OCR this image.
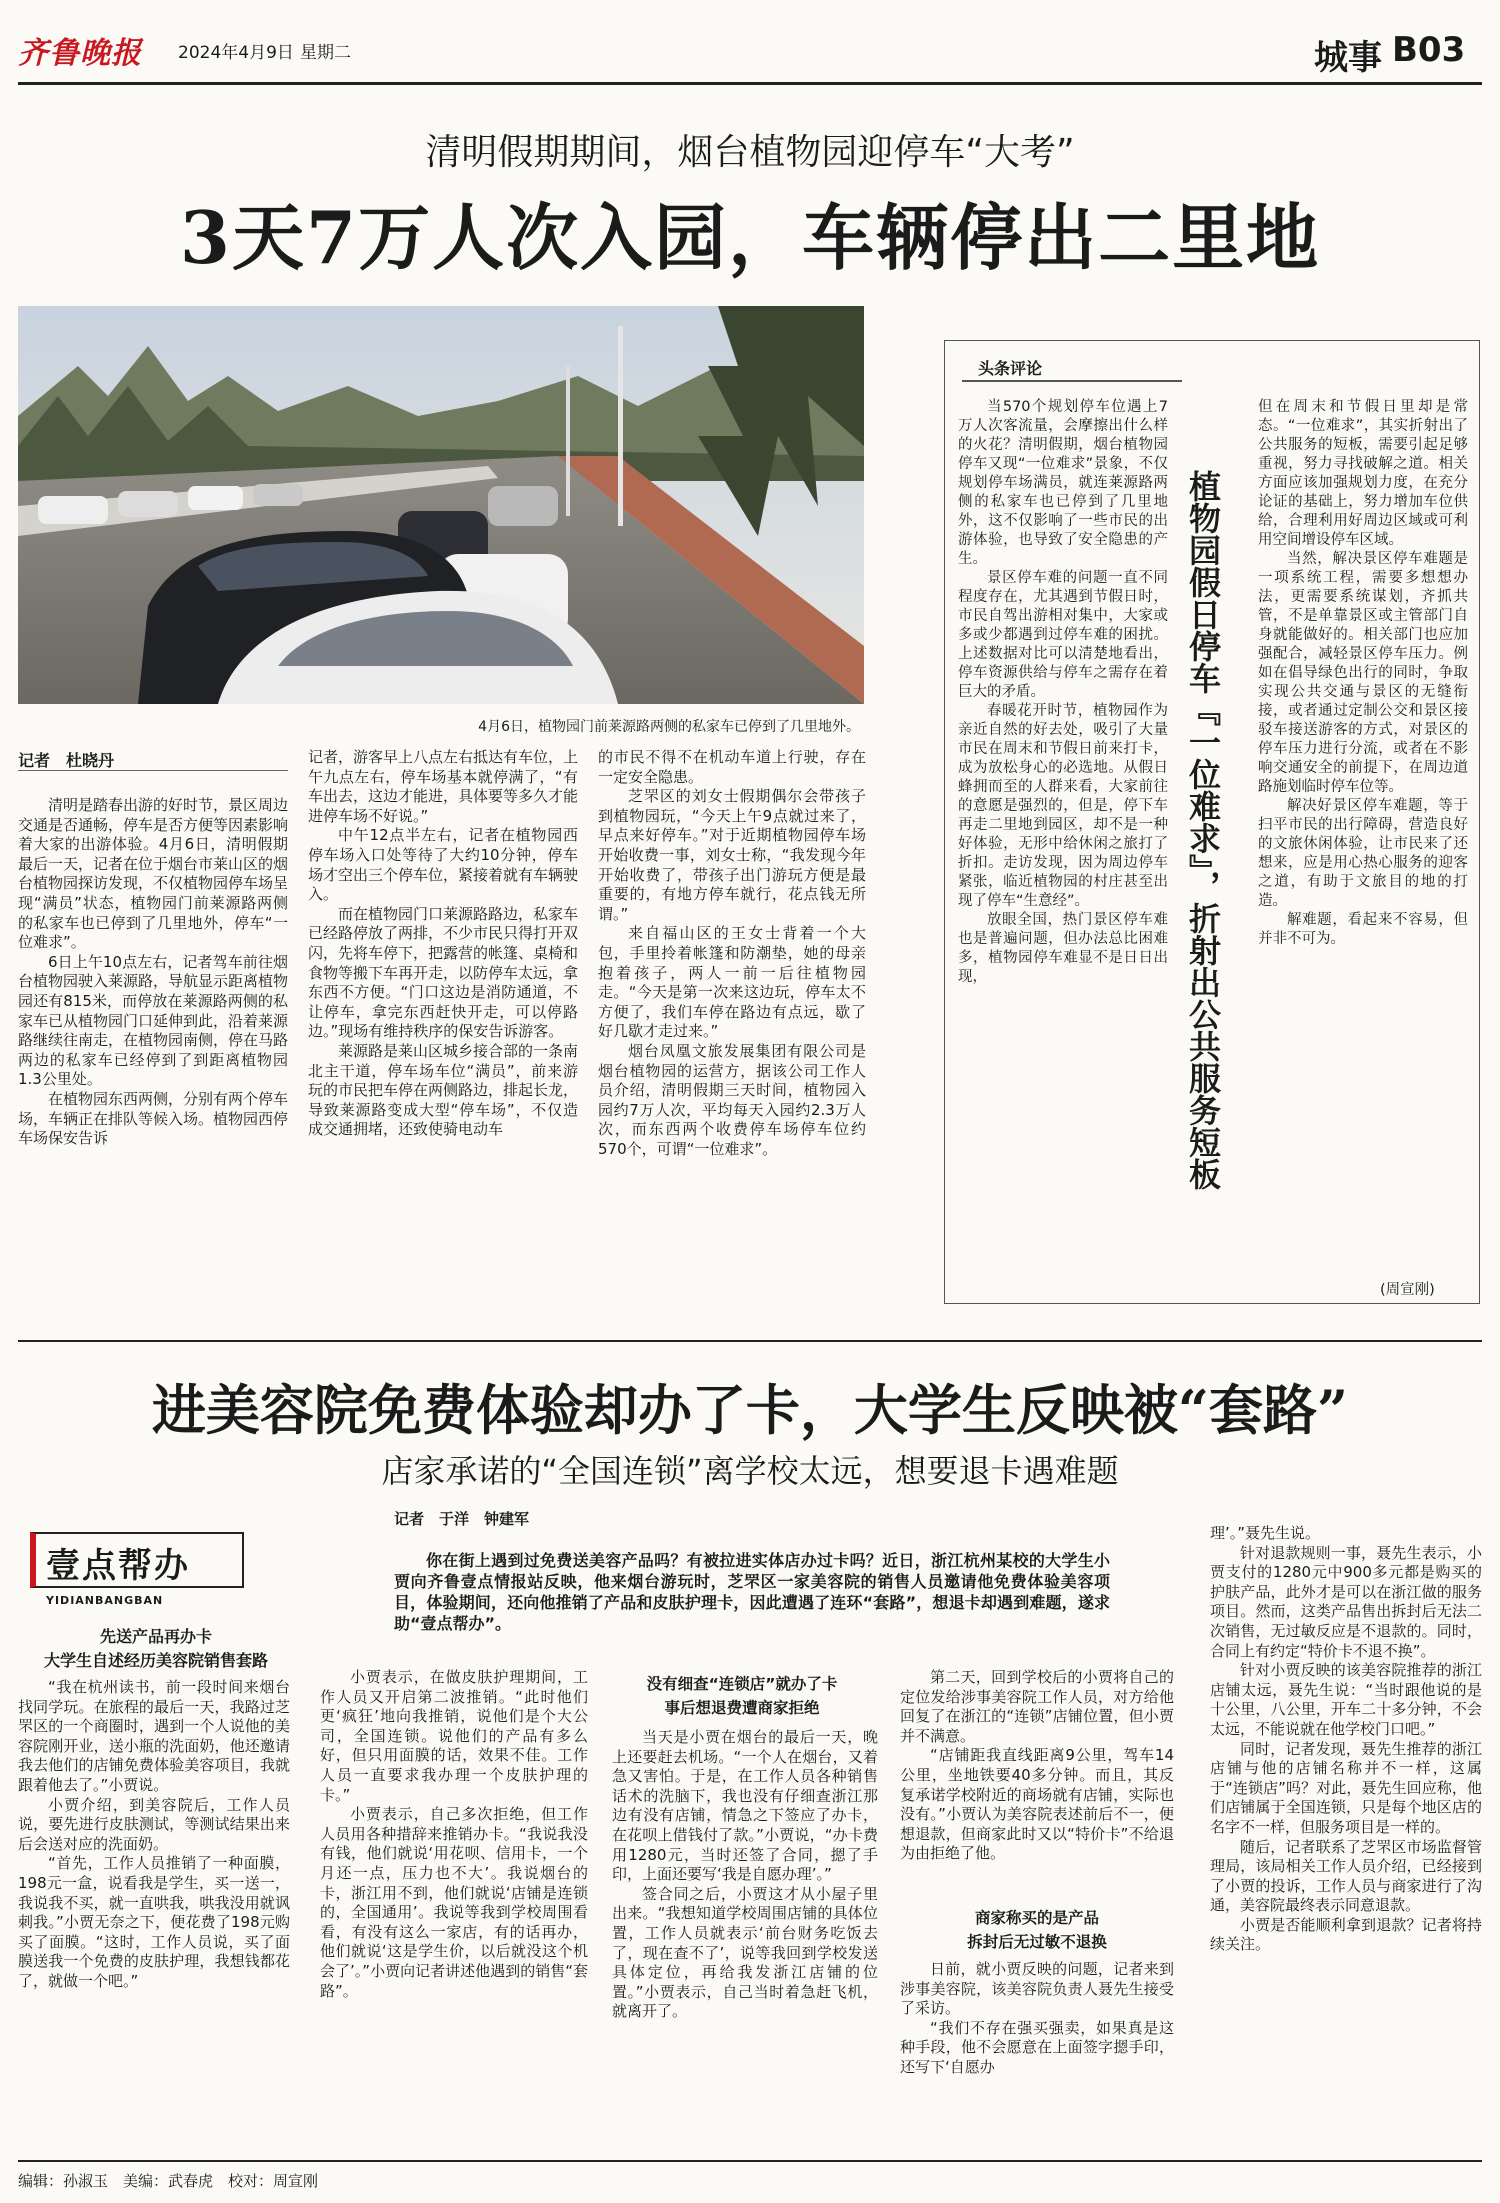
齐鲁晚报 2024年4月9日 星期二	城事 B03
清明假期期间，烟台植物园迎停车“大考”
3天7万人次入园，车辆停出二里地
4月6日，植物园门前莱源路两侧的私家车已停到了几里地外。
记者　杜晓丹

清明是踏春出游的好时节，景区周边交通是否通畅，停车是否方便等因素影响着大家的出游体验。4月6日，清明假期最后一天，记者在位于烟台市莱山区的烟台植物园探访发现，不仅植物园停车场呈现“满员”状态，植物园门前莱源路两侧的私家车也已停到了几里地外，停车“一位难求”。

6日上午10点左右，记者驾车前往烟台植物园驶入莱源路，导航显示距离植物园还有815米，而停放在莱源路两侧的私家车已从植物园门口延伸到此，沿着莱源路继续往南走，在植物园南侧，停在马路两边的私家车已经停到了到距离植物园1.3公里处。

在植物园东西两侧，分别有两个停车场，车辆正在排队等候入场。植物园西停车场保安告诉

记者，游客早上八点左右抵达有车位，上午九点左右，停车场基本就停满了，“有车出去，这边才能进，具体要等多久才能进停车场不好说。”

中午12点半左右，记者在植物园西停车场入口处等待了大约10分钟，停车场才空出三个停车位，紧接着就有车辆驶入。

而在植物园门口莱源路路边，私家车已经路停放了两排，不少市民只得打开双闪，先将车停下，把露营的帐篷、桌椅和食物等搬下车再开走，以防停车太远，拿东西不方便。“门口这边是消防通道，不让停车，拿完东西赶快开走，可以停路边。”现场有维持秩序的保安告诉游客。

莱源路是莱山区城乡接合部的一条南北主干道，停车场车位“满员”，前来游玩的市民把车停在两侧路边，排起长龙，导致莱源路变成大型“停车场”，不仅造成交通拥堵，还致使骑电动车

的市民不得不在机动车道上行驶，存在一定安全隐患。

芝罘区的刘女士假期偶尔会带孩子到植物园玩，“今天上午9点就过来了，早点来好停车。”对于近期植物园停车场开始收费一事，刘女士称，“我发现今年开始收费了，带孩子出门游玩方便是最重要的，有地方停车就行，花点钱无所谓。”

来自福山区的王女士背着一个大包，手里拎着帐篷和防潮垫，她的母亲抱着孩子，两人一前一后往植物园走。“今天是第一次来这边玩，停车太不方便了，我们车停在路边有点远，歇了好几歇才走过来。”

烟台凤凰文旅发展集团有限公司是烟台植物园的运营方，据该公司工作人员介绍，清明假期三天时间，植物园入园约7万人次，平均每天入园约2.3万人次，而东西两个收费停车场停车位约570个，可谓“一位难求”。

头条评论

当570个规划停车位遇上7万人次客流量，会摩擦出什么样的火花？清明假期，烟台植物园停车又现“一位难求”景象，不仅规划停车场满员，就连莱源路两侧的私家车也已停到了几里地外，这不仅影响了一些市民的出游体验，也导致了安全隐患的产生。

景区停车难的问题一直不同程度存在，尤其遇到节假日时，市民自驾出游相对集中，大家或多或少都遇到过停车难的困扰。上述数据对比可以清楚地看出，停车资源供给与停车之需存在着巨大的矛盾。

春暖花开时节，植物园作为亲近自然的好去处，吸引了大量市民在周末和节假日前来打卡，成为放松身心的必选地。从假日蜂拥而至的人群来看，大家前往的意愿是强烈的，但是，停下车再走二里地到园区，却不是一种好体验，无形中给休闲之旅打了折扣。走访发现，因为周边停车紧张，临近植物园的村庄甚至出现了停车“生意经”。

放眼全国，热门景区停车难也是普遍问题，但办法总比困难多，植物园停车难显不是日日出现，	植物园假日停车『一位难求』，折射出公共服务短板

但在周末和节假日里却是常态。“一位难求”，其实折射出了公共服务的短板，需要引起足够重视，努力寻找破解之道。相关方面应该加强规划力度，在充分论证的基础上，努力增加车位供给，合理利用好周边区域或可利用空间增设停车区域。

当然，解决景区停车难题是一项系统工程，需要多想想办法，更需要系统谋划，齐抓共管，不是单靠景区或主管部门自身就能做好的。相关部门也应加强配合，减轻景区停车压力。例如在倡导绿色出行的同时，争取实现公共交通与景区的无缝衔接，或者通过定制公交和景区接驳车接送游客的方式，对景区的停车压力进行分流，或者在不影响交通安全的前提下，在周边道路施划临时停车位等。

解决好景区停车难题，等于扫平市民的出行障碍，营造良好的文旅休闲体验，让市民来了还想来，应是用心热心服务的迎客之道，有助于文旅目的地的打造。

解难题，看起来不容易，但并非不可为。

(周宣刚)
进美容院免费体验却办了卡，大学生反映被“套路”
店家承诺的“全国连锁”离学校太远，想要退卡遇难题
记者　于洋　钟建军
壹点帮办
YIDIANBANGBAN

你在街上遇到过免费送美容产品吗？有被拉进实体店办过卡吗？近日，浙江杭州某校的大学生小贾向齐鲁壹点情报站反映，他来烟台游玩时，芝罘区一家美容院的销售人员邀请他免费体验美容项目，体验期间，还向他推销了产品和皮肤护理卡，因此遭遇了连环“套路”，想退卡却遇到难题，遂求助“壹点帮办”。

先送产品再办卡
大学生自述经历美容院销售套路

“我在杭州读书，前一段时间来烟台找同学玩。在旅程的最后一天，我路过芝罘区的一个商圈时，遇到一个人说他的美容院刚开业，送小瓶的洗面奶，他还邀请我去他们的店铺免费体验美容项目，我就跟着他去了。”小贾说。

小贾介绍，到美容院后，工作人员说，要先进行皮肤测试，等测试结果出来后会送对应的洗面奶。

“首先，工作人员推销了一种面膜，198元一盒，说看我是学生，买一送一，我说我不买，就一直哄我，哄我没用就讽刺我。”小贾无奈之下，便花费了198元购买了面膜。“这时，工作人员说，买了面膜送我一个免费的皮肤护理，我想钱都花了，就做一个吧。”

小贾表示，在做皮肤护理期间，工作人员又开启第二波推销。“此时他们更‘疯狂’地向我推销，说他们是个大公司，全国连锁。说他们的产品有多么好，但只用面膜的话，效果不佳。工作人员一直要求我办理一个皮肤护理的卡。”

小贾表示，自己多次拒绝，但工作人员用各种措辞来推销办卡。“我说我没有钱，他们就说‘用花呗、信用卡，一个月还一点，压力也不大’。我说烟台的卡，浙江用不到，他们就说‘店铺是连锁的，全国通用’。我说等我到学校周围看看，有没有这么一家店，有的话再办，他们就说‘这是学生价，以后就没这个机会了’。”小贾向记者讲述他遇到的销售“套路”。

没有细查“连锁店”就办了卡
事后想退费遭商家拒绝

当天是小贾在烟台的最后一天，晚上还要赶去机场。“一个人在烟台，又着急又害怕。于是，在工作人员各种销售话术的洗脑下，我也没有仔细查浙江那边有没有店铺，情急之下签应了办卡，在花呗上借钱付了款。”小贾说，“办卡费用1280元，当时还签了合同，摁了手印，上面还要写‘我是自愿办理’。”

签合同之后，小贾这才从小屋子里出来。“我想知道学校周围店铺的具体位置，工作人员就表示‘前台财务吃饭去了，现在查不了’，说等我回到学校发送具体定位，再给我发浙江店铺的位置。”小贾表示，自己当时着急赶飞机，就离开了。

第二天，回到学校后的小贾将自己的定位发给涉事美容院工作人员，对方给他回复了在浙江的“连锁”店铺位置，但小贾并不满意。

“店铺距我直线距离9公里，驾车14公里，坐地铁要40多分钟。而且，其反复承诺学校附近的商场就有店铺，实际也没有。”小贾认为美容院表述前后不一，便想退款，但商家此时又以“特价卡”不给退为由拒绝了他。

商家称买的是产品
拆封后无过敏不退换

日前，就小贾反映的问题，记者来到涉事美容院，该美容院负责人聂先生接受了采访。

“我们不存在强买强卖，如果真是这种手段，他不会愿意在上面签字摁手印，还写下‘自愿办

理’。”聂先生说。

针对退款规则一事，聂先生表示，小贾支付的1280元中900多元都是购买的护肤产品，此外才是可以在浙江做的服务项目。然而，这类产品售出拆封后无法二次销售，无过敏反应是不退款的。同时，合同上有约定“特价卡不退不换”。

针对小贾反映的该美容院推荐的浙江店铺太远，聂先生说：“当时跟他说的是十公里，八公里，开车二十多分钟，不会太远，不能说就在他学校门口吧。”

同时，记者发现，聂先生推荐的浙江店铺与他的店铺名称并不一样，这属于“连锁店”吗？对此，聂先生回应称，他们店铺属于全国连锁，只是每个地区店的名字不一样，但服务项目是一样的。

随后，记者联系了芝罘区市场监督管理局，该局相关工作人员介绍，已经接到了小贾的投诉，工作人员与商家进行了沟通，美容院最终表示同意退款。

小贾是否能顺利拿到退款？记者将持续关注。

编辑：孙淑玉　美编：武春虎　校对：周宣刚
